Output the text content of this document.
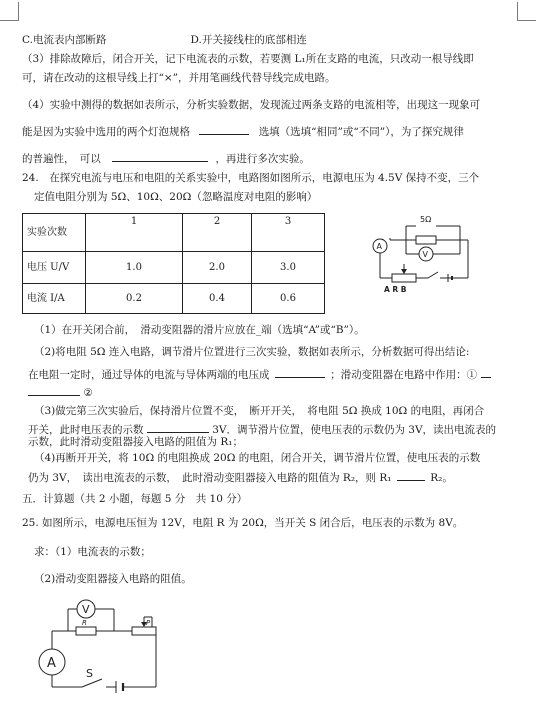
C.电流表内部断路　　　　　　　　D.开关接线柱的底部相连
（3）排除故障后，闭合开关，记下电流表的示数，若要测 L₁所在支路的电流，只改动一根导线即
可，请在改动的这根导线上打“×”，并用笔画线代替导线完成电路。
（4）实验中测得的数据如表所示，分析实验数据，发现流过两条支路的电流相等，出现这一现象可
能是因为实验中选用的两个灯泡规格	选填（选填“相同”或“不同”），为了探究规律
的普遍性，　可以	，再进行多次实验。
24.　在探究电流与电压和电阻的关系实验中，电路图如图所示，电源电压为 4.5V 保持不变，三个
定值电阻分别为 5Ω、10Ω、20Ω（忽略温度对电阻的影响）
实验次数	1	2	3
电压 U/V	1.0	2.0	3.0
电流 I/A	0.2	0.4	0.6
5Ω
A
V
A R B
（1）在开关闭合前，　滑动变阻器的滑片应放在_端（选填“A”或“B”）。
（2)将电阻 5Ω 连入电路，调节滑片位置进行三次实验，数据如表所示，分析数据可得出结论:
在电阻一定时，通过导体的电流与导体两端的电压成	；滑动变阻器在电路中作用：①
②
（3)做完第三次实验后，保持滑片位置不变，　断开开关，　将电阻 5Ω 换成 10Ω 的电阻，再闭合
开关，此时电压表的示数	3V．调节滑片位置，使电压表的示数仍为 3V，读出电流表的
示数，此时滑动变阻器接入电路的阻值为 R₁；
（4)再断开开关，将 10Ω 的电阻换成 20Ω 的电阻，闭合开关，调节滑片位置，使电压表的示数
仍为 3V，　读出电流表的示数，　此时滑动变阻器接入电路的阻值为 R₂，则 R₁	R₂。
五．计算题（共 2 小题，每题 5 分　共 10 分）
25. 如图所示，电源电压恒为 12V，电阻 R 为 20Ω，当开关 S 闭合后，电压表的示数为 8V。
求：（1）电流表的示数；
（2)滑动变阻器接入电路的阻值。
V
R	P
A
S
